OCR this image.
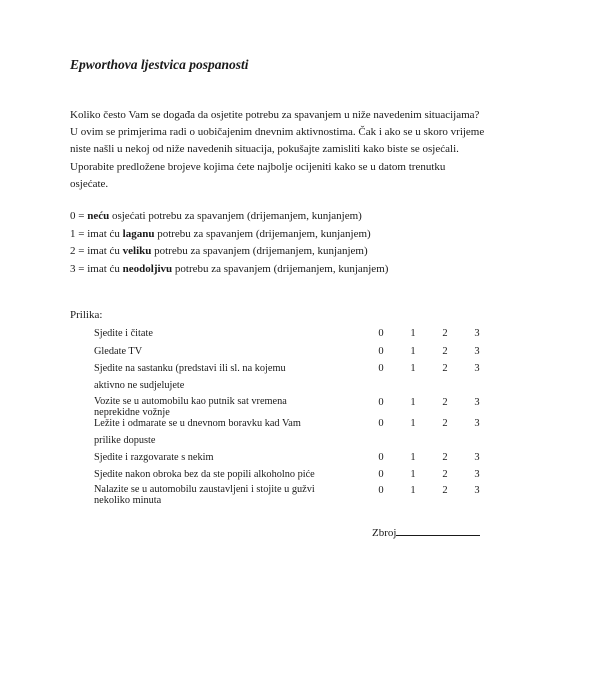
Epworthova ljestvica pospanosti
Koliko često Vam se događa da osjetite potrebu za spavanjem u niže navedenim situacijama?
U ovim se primjerima radi o uobičajenim dnevnim aktivnostima. Čak i ako se u skoro vrijeme
niste našli u nekoj od niže navedenih situacija, pokušajte zamisliti kako biste se osjećali.
Uporabite predložene brojeve kojima ćete najbolje ocijeniti kako se u datom trenutku
osjećate.
0 = neću osjećati potrebu za spavanjem (drijemanjem, kunjanjem)
1 = imat ću laganu potrebu za spavanjem (drijemanjem, kunjanjem)
2 = imat ću veliku potrebu za spavanjem (drijemanjem, kunjanjem)
3 = imat ću neodoljivu potrebu za spavanjem (drijemanjem, kunjanjem)
Prilika:
Sjedite i čitate	0	1	2	3
Gledate TV	0	1	2	3
Sjedite na sastanku (predstavi ili sl. na kojemu
aktivno ne sudjelujete
0	1	2	3
Vozite se u automobilu kao putnik sat vremena
neprekidne vožnje
0	1	2	3
Ležite i odmarate se u dnevnom boravku kad Vam
prilike dopuste
0	1	2	3
Sjedite i razgovarate s nekim	0	1	2	3
Sjedite nakon obroka bez da ste popili alkoholno piće	0	1	2	3
Nalazite se u automobilu zaustavljeni i stojite u gužvi
nekoliko minuta
0	1	2	3
Zbroj
